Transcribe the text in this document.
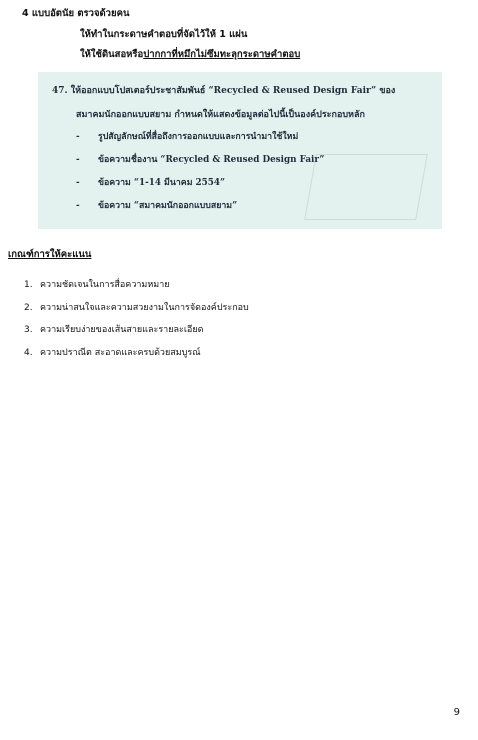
4 แบบอัตนัย ตรวจด้วยคน
ให้ทำในกระดาษคำตอบที่จัดไว้ให้ 1 แผ่น
ให้ใช้ดินสอหรือปากกาที่หมึกไม่ซึมทะลุกระดาษคำตอบ
47. ให้ออกแบบโปสเตอร์ประชาสัมพันธ์ “Recycled & Reused Design Fair” ของ
สมาคมนักออกแบบสยาม กำหนดให้แสดงข้อมูลต่อไปนี้เป็นองค์ประกอบหลัก
- รูปสัญลักษณ์ที่สื่อถึงการออกแบบและการนำมาใช้ใหม่
- ข้อความชื่องาน “Recycled & Reused Design Fair”
- ข้อความ “1-14 มีนาคม 2554”
- ข้อความ “สมาคมนักออกแบบสยาม”
เกณฑ์การให้คะแนน
1. ความชัดเจนในการสื่อความหมาย
2. ความน่าสนใจและความสวยงามในการจัดองค์ประกอบ
3. ความเรียบง่ายของเส้นสายและรายละเอียด
4. ความปราณีต สะอาดและครบด้วยสมบูรณ์
9
